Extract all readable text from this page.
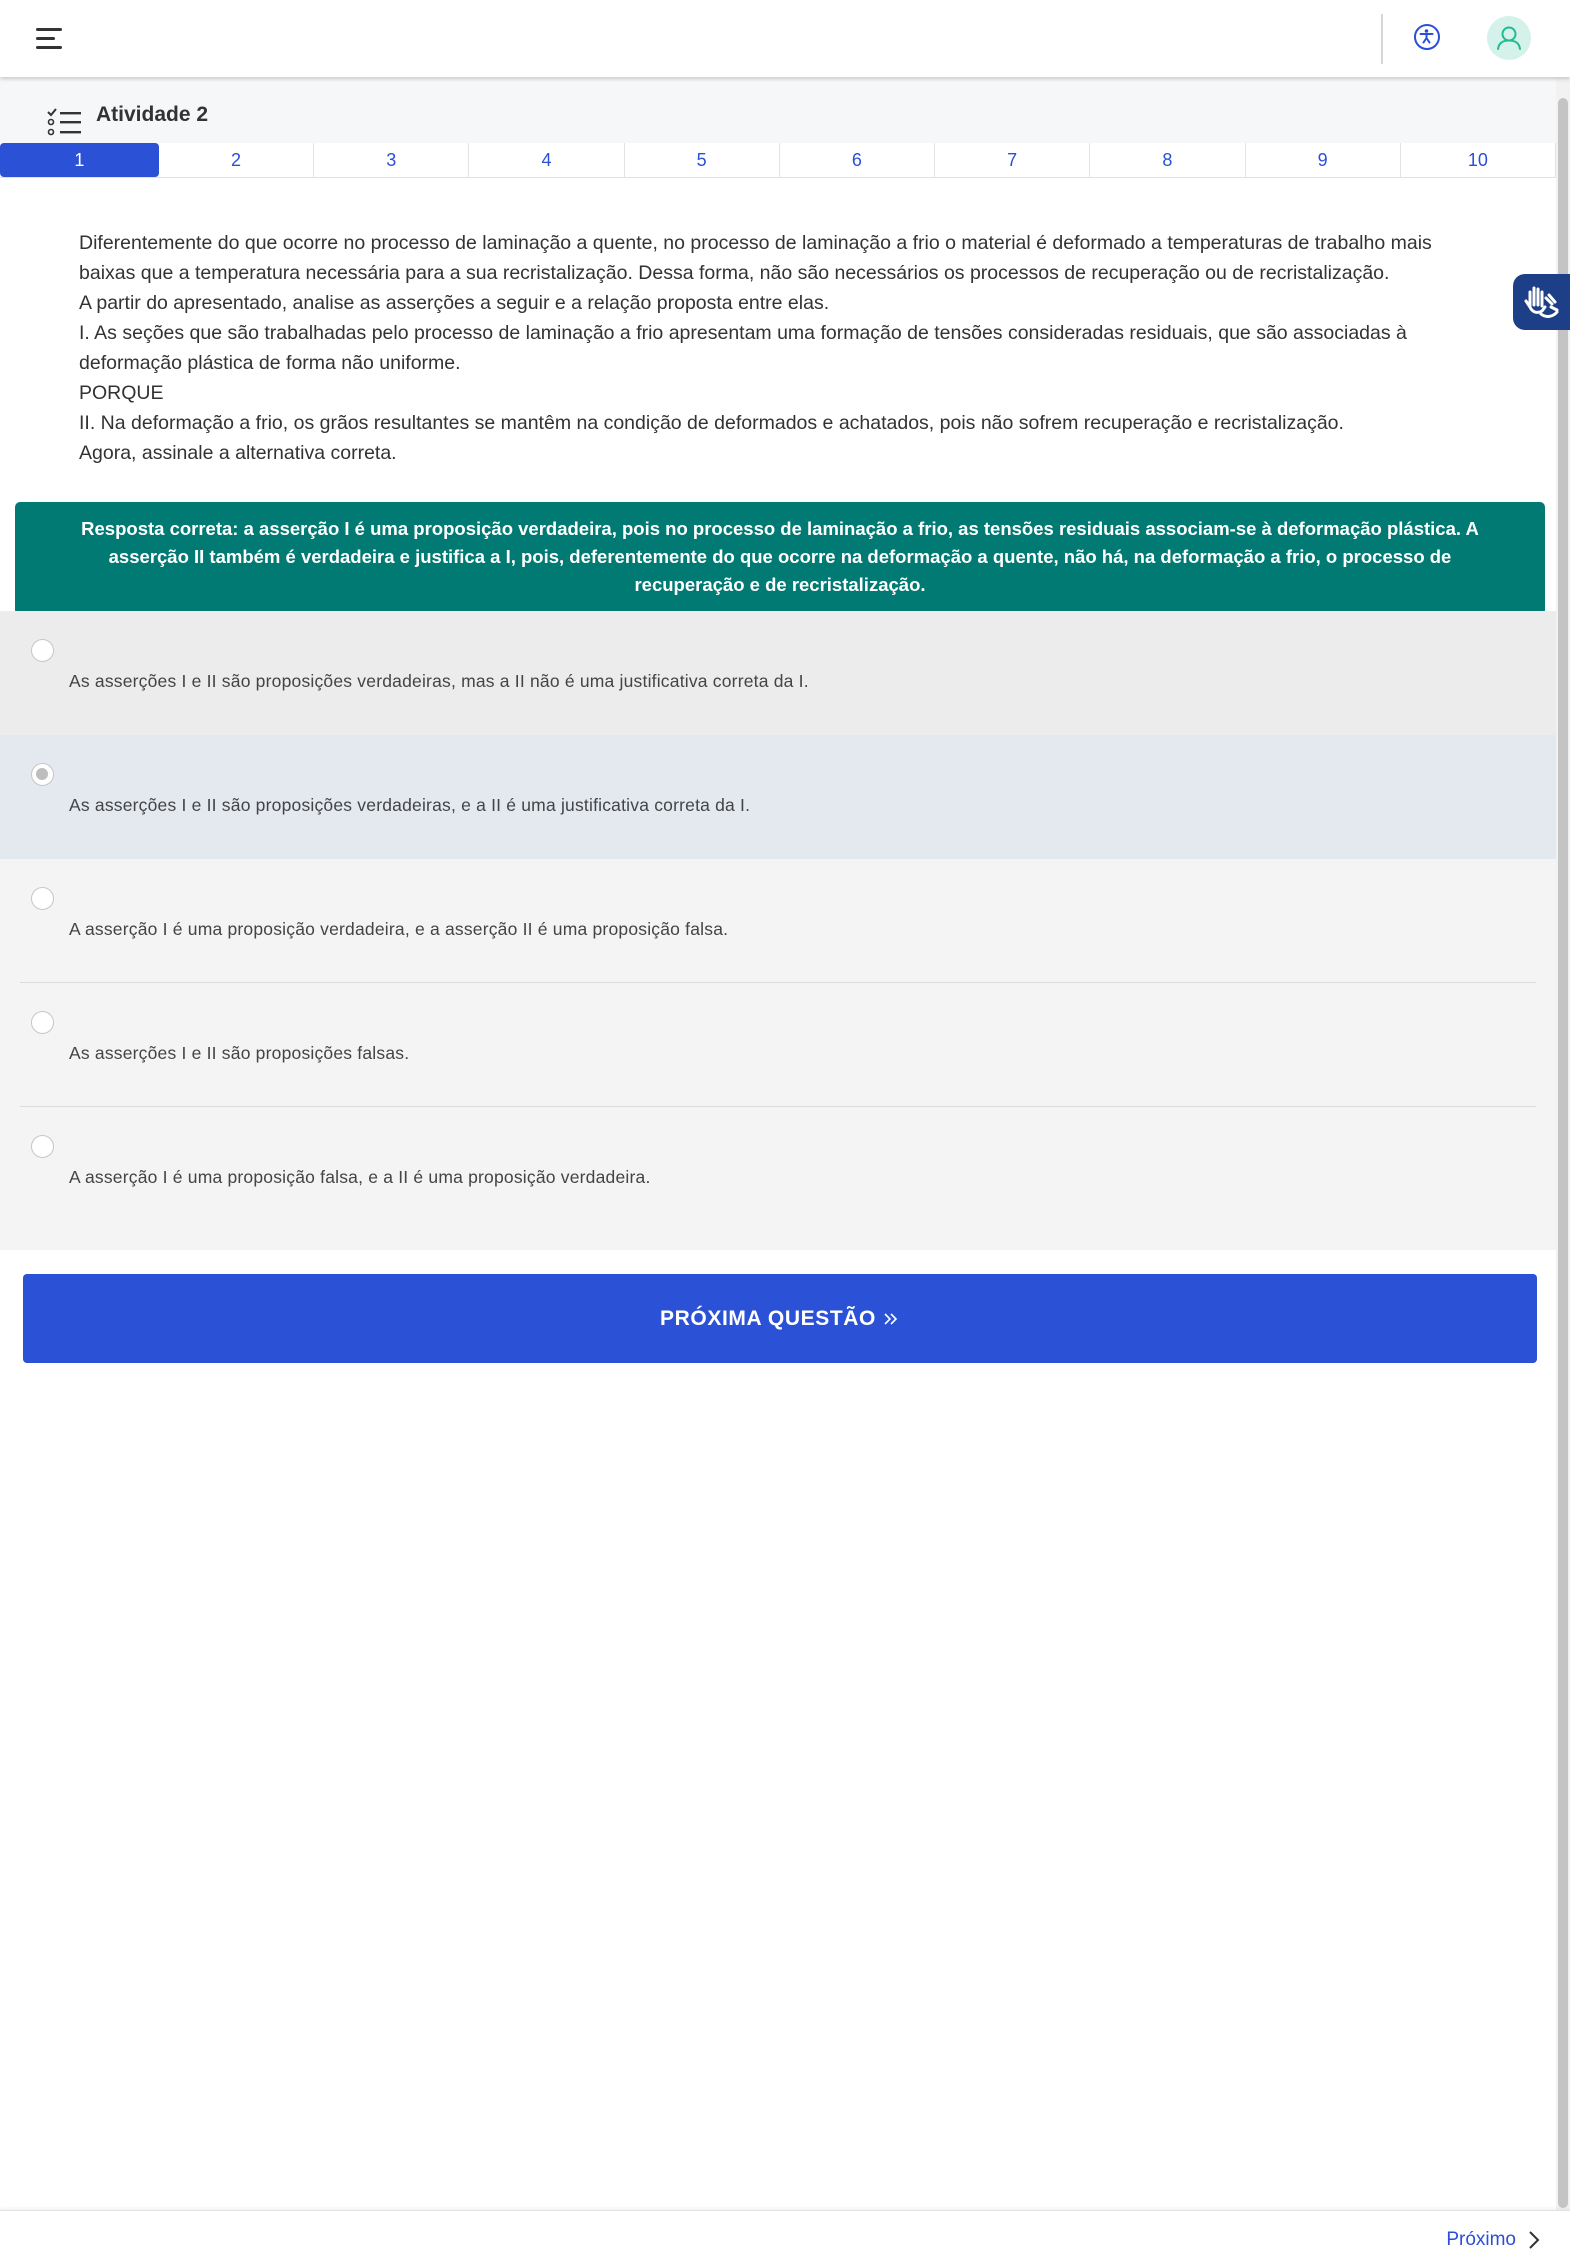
Atividade 2
1	2	3	4	5	6	7	8	9	10

Diferentemente do que ocorre no processo de laminação a quente, no processo de laminação a frio o material é deformado a temperaturas de trabalho mais baixas que a temperatura necessária para a sua recristalização. Dessa forma, não são necessários os processos de recuperação ou de recristalização.

A partir do apresentado, analise as asserções a seguir e a relação proposta entre elas.

I. As seções que são trabalhadas pelo processo de laminação a frio apresentam uma formação de tensões consideradas residuais, que são associadas à deformação plástica de forma não uniforme.

PORQUE

II. Na deformação a frio, os grãos resultantes se mantêm na condição de deformados e achatados, pois não sofrem recuperação e recristalização.

Agora, assinale a alternativa correta.

Resposta correta: a asserção I é uma proposição verdadeira, pois no processo de laminação a frio, as tensões residuais associam-se à deformação plástica. A asserção II também é verdadeira e justifica a I, pois, deferentemente do que ocorre na deformação a quente, não há, na deformação a frio, o processo de recuperação e de recristalização.
As asserções I e II são proposições verdadeiras, mas a II não é uma justificativa correta da I.
As asserções I e II são proposições verdadeiras, e a II é uma justificativa correta da I.
A asserção I é uma proposição verdadeira, e a asserção II é uma proposição falsa.
As asserções I e II são proposições falsas.
A asserção I é uma proposição falsa, e a II é uma proposição verdadeira.
PRÓXIMA QUESTÃO
Próximo
